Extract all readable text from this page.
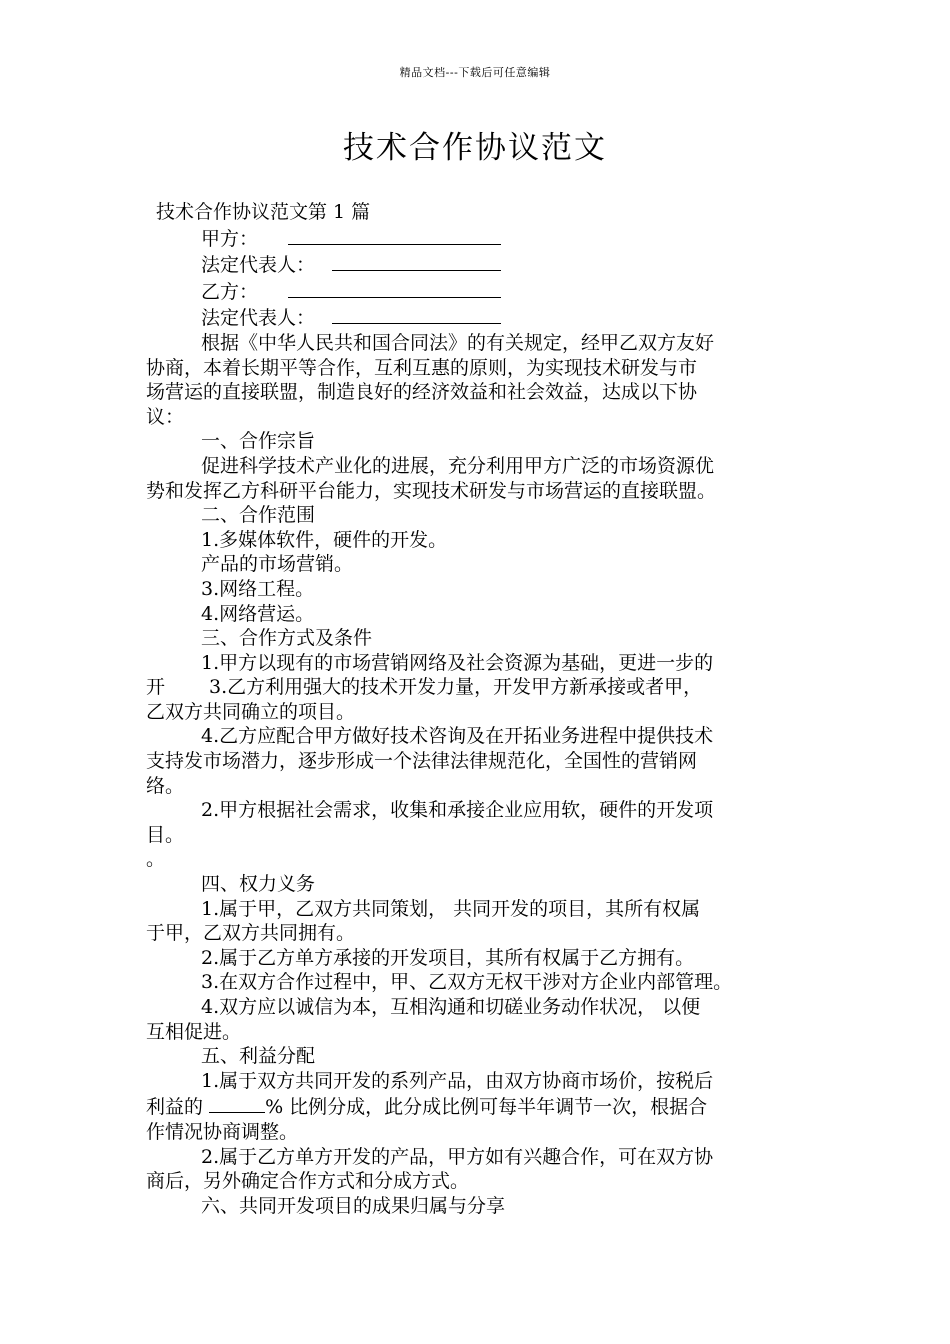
精品文档---下载后可任意编辑
技术合作协议范文
技术合作协议范文第 1 篇
甲方：
法定代表人：
乙方：
法定代表人：
根据《中华人民共和国合同法》的有关规定，经甲乙双方友好
协商，本着长期平等合作，互利互惠的原则，为实现技术研发与市
场营运的直接联盟，制造良好的经济效益和社会效益，达成以下协
议：
一、合作宗旨
促进科学技术产业化的进展，充分利用甲方广泛的市场资源优
势和发挥乙方科研平台能力，实现技术研发与市场营运的直接联盟。
二、合作范围
1.多媒体软件，硬件的开发。
产品的市场营销。
3.网络工程。
4.网络营运。
三、合作方式及条件
1.甲方以现有的市场营销网络及社会资源为基础，更进一步的
开 3.乙方利用强大的技术开发力量，开发甲方新承接或者甲，
乙双方共同确立的项目。
4.乙方应配合甲方做好技术咨询及在开拓业务进程中提供技术
支持发市场潜力，逐步形成一个法律法律规范化，全国性的营销网
络。
2.甲方根据社会需求，收集和承接企业应用软，硬件的开发项
目。
。
四、权力义务
1.属于甲，乙双方共同策划， 共同开发的项目，其所有权属
于甲，乙双方共同拥有。
2.属于乙方单方承接的开发项目，其所有权属于乙方拥有。
3.在双方合作过程中，甲、乙双方无权干涉对方企业内部管理。
4.双方应以诚信为本，互相沟通和切磋业务动作状况， 以便
互相促进。
五、利益分配
1.属于双方共同开发的系列产品，由双方协商市场价，按税后
利益的	% 比例分成，此分成比例可每半年调节一次，根据合
作情况协商调整。
2.属于乙方单方开发的产品，甲方如有兴趣合作，可在双方协
商后，另外确定合作方式和分成方式。
六、共同开发项目的成果归属与分享
